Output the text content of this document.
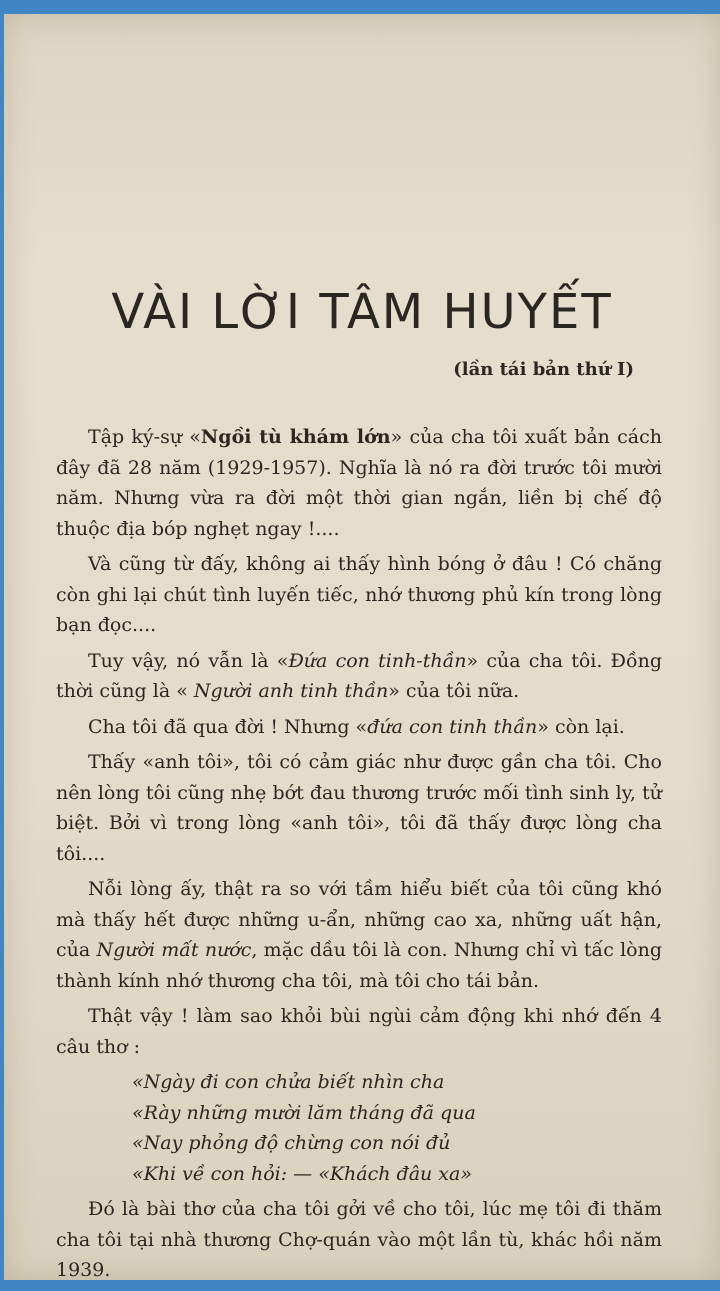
VÀI LỜI TÂM HUYẾT
(lần tái bản thứ I)

Tập ký-sự «Ngồi tù khám lớn» của cha tôi xuất bản cách đây đã 28 năm (1929-1957). Nghĩa là nó ra đời trước tôi mười năm. Nhưng vừa ra đời một thời gian ngắn, liền bị chế độ thuộc địa bóp nghẹt ngay !....

Và cũng từ đấy, không ai thấy hình bóng ở đâu ! Có chăng còn ghi lại chút tình luyến tiếc, nhớ thương phủ kín trong lòng bạn đọc....

Tuy vậy, nó vẫn là «Đứa con tinh-thần» của cha tôi. Đồng thời cũng là « Người anh tinh thần» của tôi nữa.

Cha tôi đã qua đời ! Nhưng «đứa con tinh thần» còn lại.

Thấy «anh tôi», tôi có cảm giác như được gần cha tôi. Cho nên lòng tôi cũng nhẹ bớt đau thương trước mối tình sinh ly, tử biệt. Bởi vì trong lòng «anh tôi», tôi đã thấy được lòng cha tôi....

Nỗi lòng ấy, thật ra so với tầm hiểu biết của tôi cũng khó mà thấy hết được những u-ẩn, những cao xa, những uất hận, của Người mất nước, mặc dầu tôi là con. Nhưng chỉ vì tấc lòng thành kính nhớ thương cha tôi, mà tôi cho tái bản.

Thật vậy ! làm sao khỏi bùi ngùi cảm động khi nhớ đến 4 câu thơ :

«Ngày đi con chửa biết nhìn cha
«Rày những mười lăm tháng đã qua
«Nay phỏng độ chừng con nói đủ
«Khi về con hỏi: — «Khách đâu xa»

Đó là bài thơ của cha tôi gởi về cho tôi, lúc mẹ tôi đi thăm cha tôi tại nhà thương Chợ-quán vào một lần tù, khác hồi năm 1939.
